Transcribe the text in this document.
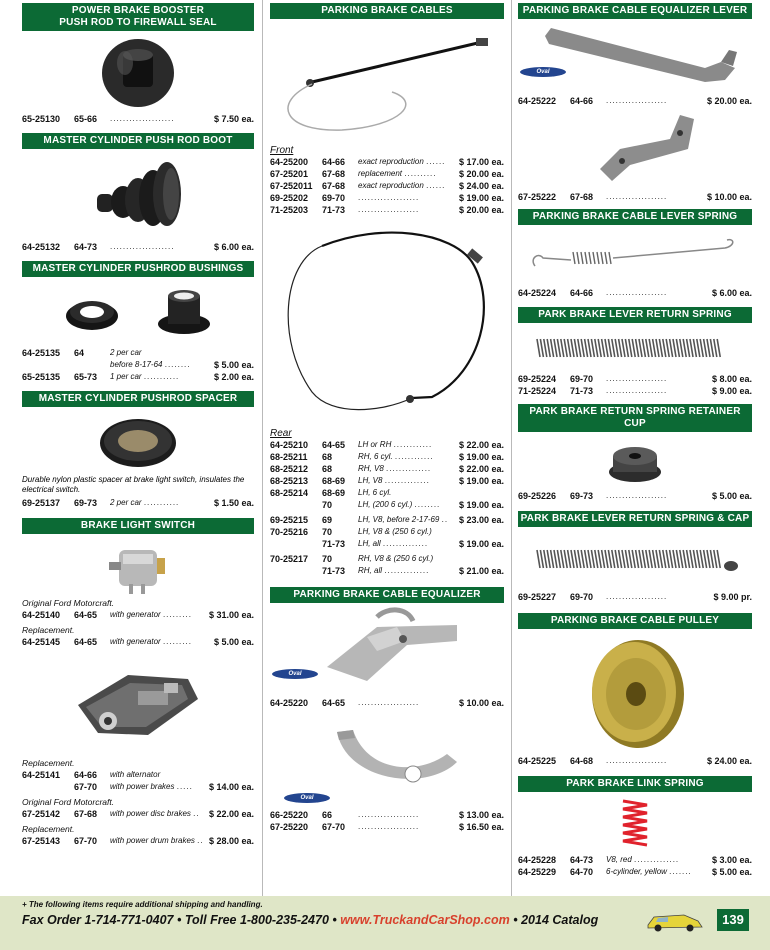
POWER BRAKE BOOSTER
PUSH ROD TO FIREWALL SEAL
65-25130	65-66	....................	$ 7.50 ea.
MASTER CYLINDER PUSH ROD BOOT
64-25132	64-73	....................	$ 6.00 ea.
MASTER CYLINDER PUSHROD BUSHINGS
64-25135	64	2 per car
before 8-17-64 ........	$ 5.00 ea.
65-25135	65-73	1 per car ...........	$ 2.00 ea.
MASTER CYLINDER PUSHROD SPACER
Durable nylon plastic spacer at brake light switch, insulates the electrical switch.
69-25137	69-73	2 per car ...........	$ 1.50 ea.
BRAKE LIGHT SWITCH
Original Ford Motorcraft.
64-25140	64-65	with generator .........	$ 31.00 ea.
Replacement.
64-25145	64-65	with generator .........	$ 5.00 ea.
Replacement.
64-25141	64-66	with alternator
67-70	with power brakes .....	$ 14.00 ea.
Original Ford Motorcraft.
67-25142	67-68	with power disc brakes ..	$ 22.00 ea.
Replacement.
67-25143	67-70	with power drum brakes .. $ 28.00 ea.
PARKING BRAKE CABLES
Front
64-25200	64-66	exact reproduction ......	$ 17.00 ea.
67-25201	67-68	replacement ..........	$ 20.00 ea.
67-252011	67-68	exact reproduction ......	$ 24.00 ea.
69-25202	69-70	...................	$ 19.00 ea.
71-25203	71-73	...................	$ 20.00 ea.
Rear
64-25210	64-65	LH or RH ............	$ 22.00 ea.
68-25211	68	RH, 6 cyl. ............	$ 19.00 ea.
68-25212	68	RH, V8 ..............	$ 22.00 ea.
68-25213	68-69	LH, V8 ..............	$ 19.00 ea.
68-25214	68-69	LH, 6 cyl.
70	LH, (200 6 cyl.) ........	$ 19.00 ea.
69-25215	69	LH, V8, before 2-17-69 ..	$ 23.00 ea.
70-25216	70	LH, V8 & (250 6 cyl.)
71-73	LH, all ..............	$ 19.00 ea.
70-25217	70	RH, V8 & (250 6 cyl.)
71-73	RH, all ..............	$ 21.00 ea.
PARKING BRAKE CABLE EQUALIZER
Oval
64-25220	64-65	...................	$ 10.00 ea.
Oval
66-25220	66	...................	$ 13.00 ea.
67-25220	67-70	...................	$ 16.50 ea.
PARKING BRAKE CABLE EQUALIZER LEVER
Oval
64-25222	64-66	...................	$ 20.00 ea.
67-25222	67-68	...................	$ 10.00 ea.
PARKING BRAKE CABLE LEVER SPRING
64-25224	64-66	...................	$ 6.00 ea.
PARK BRAKE LEVER RETURN SPRING
69-25224	69-70	...................	$ 8.00 ea.
71-25224	71-73	...................	$ 9.00 ea.
PARK BRAKE RETURN SPRING RETAINER CUP
69-25226	69-73	...................	$ 5.00 ea.
PARK BRAKE LEVER RETURN SPRING & CAP
69-25227	69-70	...................	$ 9.00 pr.
PARKING BRAKE CABLE PULLEY
64-25225	64-68	...................	$ 24.00 ea.
PARK BRAKE LINK SPRING
64-25228	64-73	V8, red ..............	$ 3.00 ea.
64-25229	64-70	6-cylinder, yellow .......	$ 5.00 ea.
+ The following items require additional shipping and handling.
Fax Order 1-714-771-0407 • Toll Free 1-800-235-2470 • www.TruckandCarShop.com • 2014 Catalog	139
